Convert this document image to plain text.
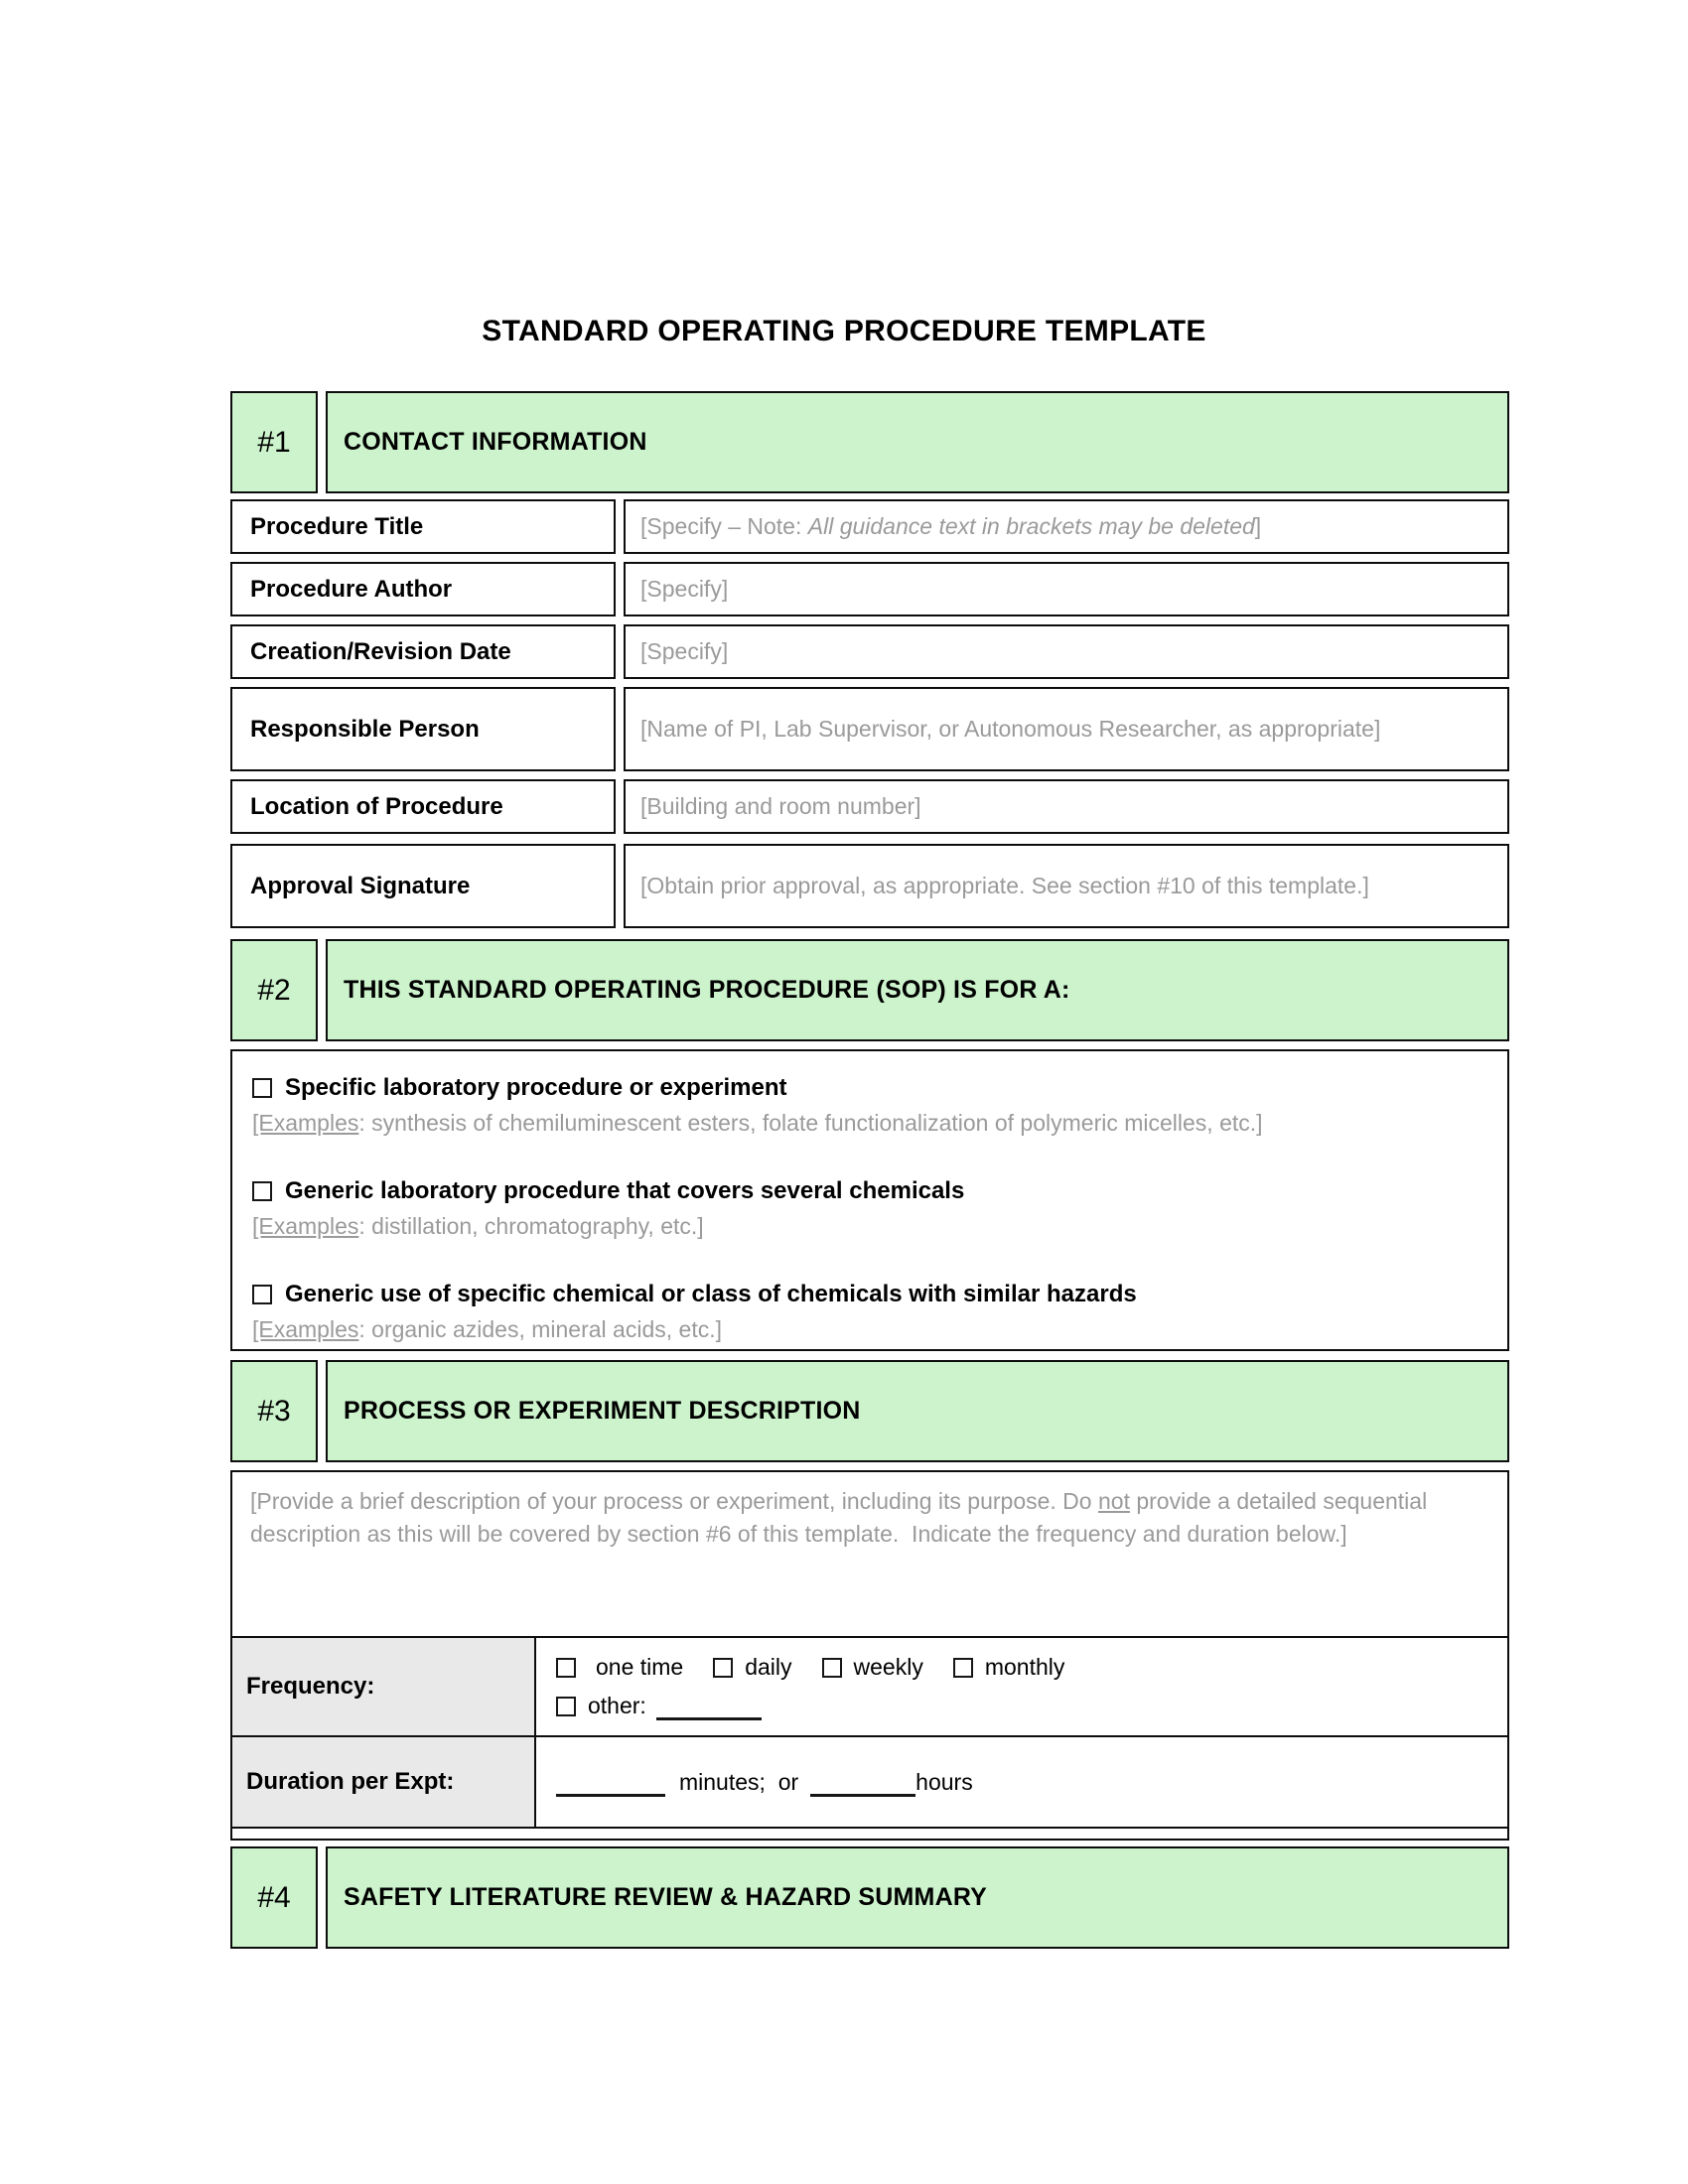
STANDARD OPERATING PROCEDURE TEMPLATE
#1	CONTACT INFORMATION
Procedure Title	[Specify – Note: All guidance text in brackets may be deleted]
Procedure Author	[Specify]
Creation/Revision Date	[Specify]
Responsible Person	[Name of PI, Lab Supervisor, or Autonomous Researcher, as appropriate]
Location of Procedure	[Building and room number]
Approval Signature	[Obtain prior approval, as appropriate. See section #10 of this template.]
#2	THIS STANDARD OPERATING PROCEDURE (SOP) IS FOR A:
Specific laboratory procedure or experiment
[Examples: synthesis of chemiluminescent esters, folate functionalization of polymeric micelles, etc.]
Generic laboratory procedure that covers several chemicals
[Examples: distillation, chromatography, etc.]
Generic use of specific chemical or class of chemicals with similar hazards
[Examples: organic azides, mineral acids, etc.]
#3	PROCESS OR EXPERIMENT DESCRIPTION

[Provide a brief description of your process or experiment, including its purpose. Do not provide a detailed sequential description as this will be covered by section #6 of this template.  Indicate the frequency and duration below.]

Frequency:
one time	daily	weekly	monthly
other:
Duration per Expt:	minutes;  or	hours
#4	SAFETY LITERATURE REVIEW & HAZARD SUMMARY
